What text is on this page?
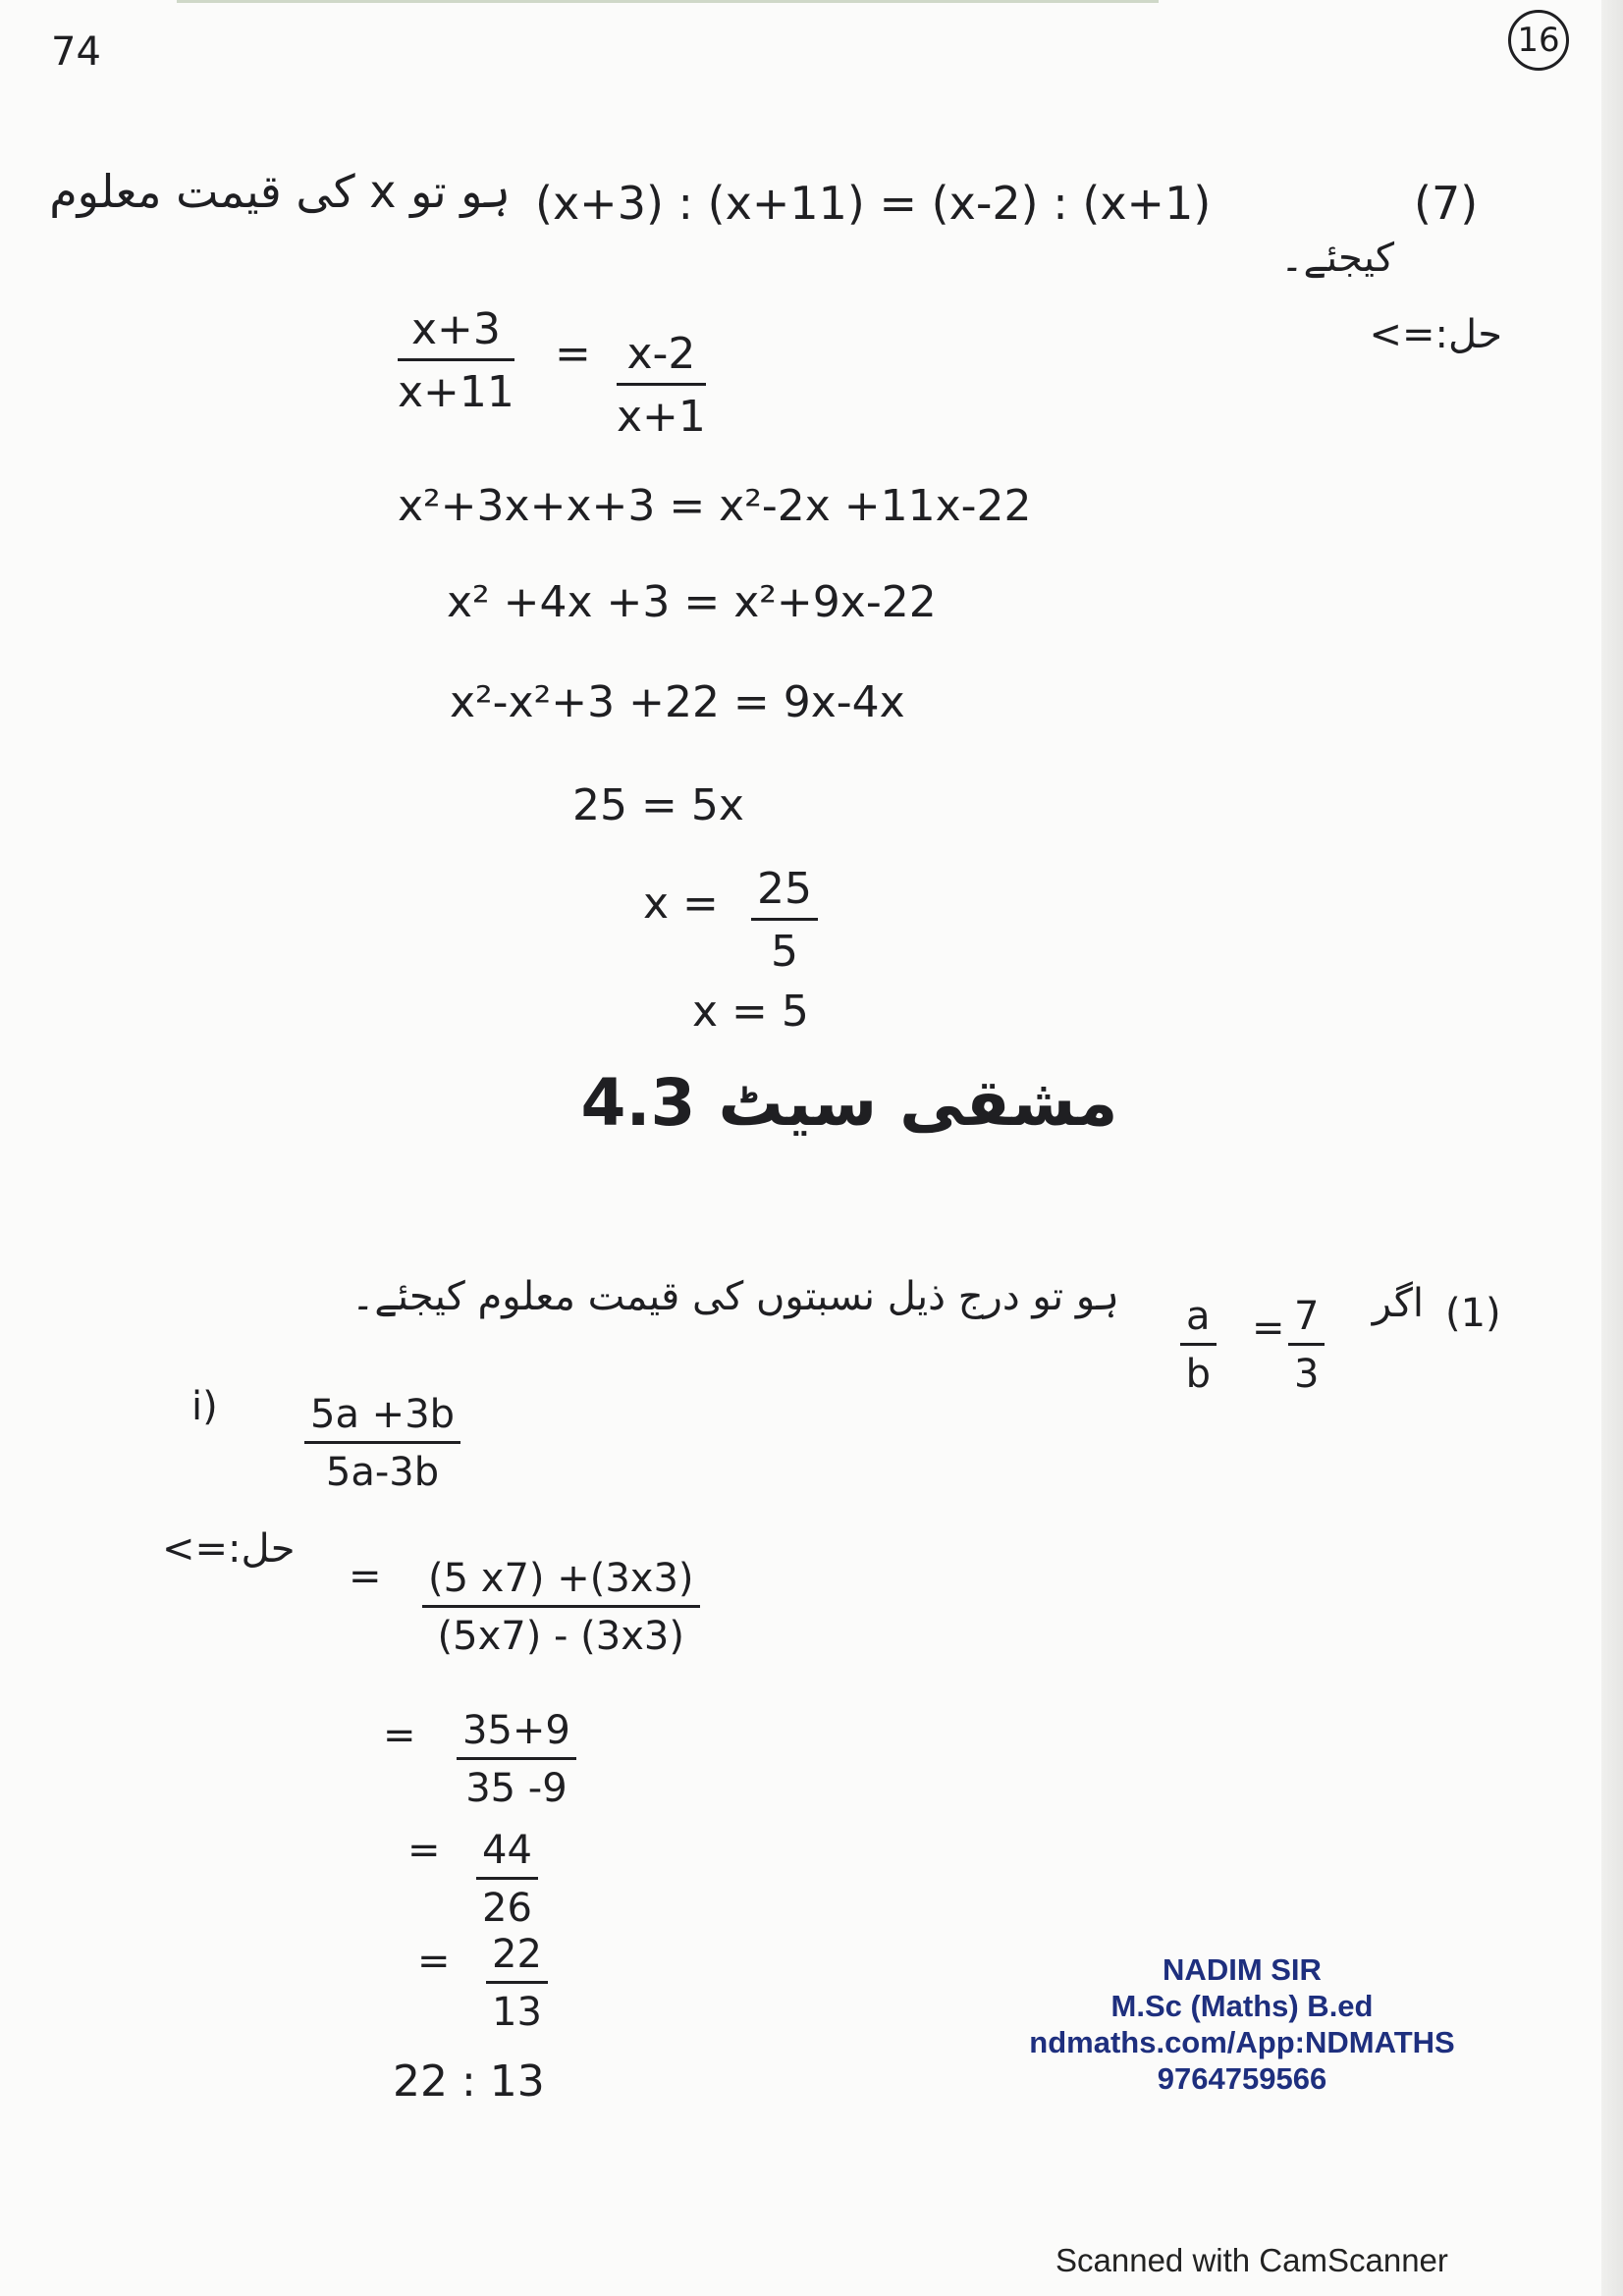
74	16
ہو تو x کی قیمت معلوم (x+3) : (x+11) = (x-2) : (x+1)	(7)
کیجئے۔
حل:=>
$\frac{x+3}{x+11} = \frac{x-2}{x+1}$
x²+3x+x+3 = x²-2x +11x-22
x² +4x +3 = x²+9x-22
x²-x²+3 +22 = 9x-4x
25 = 5x
$x = \frac{25}{5}$
x = 5
مشقی سیٹ 4.3
ہو تو درج ذیل نسبتوں کی قیمت معلوم کیجئے۔ $\frac{a}{b} = \frac{7}{3}$	اگر (1)
$i) \frac{5a +3b}{5a-3b}$
حل:=>
= $\frac{(5 x7) +(3x3)}{(5x7) - (3x3)}$
= $\frac{35+9}{35 -9}$
= $\frac{44}{26}$
= $\frac{22}{13}$
22 : 13
NADIM SIR
M.Sc (Maths) B.ed
ndmaths.com/App:NDMATHS
9764759566
Scanned with CamScanner
